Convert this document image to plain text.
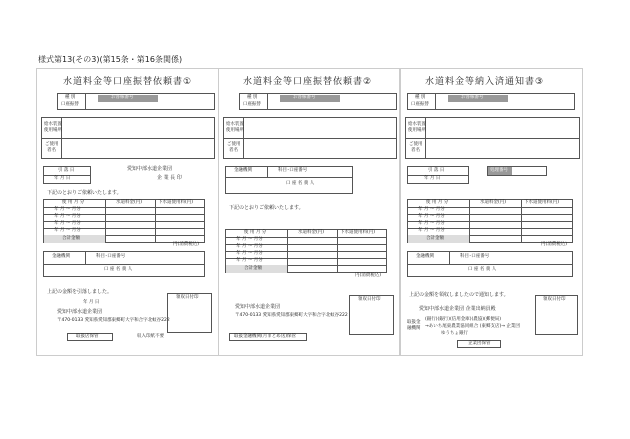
様式第13(その3)(第15条・第16条関係)
水道料金等口座振替依頼書①
種 別
口座振替
お客様番号
給水装置
使用場所
ご使用
者名
引 落 日
年 月 日
愛知中部水道企業団
企 業 長 印
下記のとおりご依頼いたします。
使 用 月 分	水道料金(円)	下水道使用料(円)
年 月 ～ 月分
年 月 ～ 月分
年 月 ～ 月分
年 月 ～ 月分
合計金額
円(消費税込)
金融機関	科目･口座番号
口 座 名 義 人
上記の金額を引落しました。
年 月 日
愛知中部水道企業団
〒470-0133 愛知県愛知郡東郷町大字和合字北蚊谷222
領収日付印
取扱店保管	収入印紙不要
水道料金等口座振替依頼書②
種 別
口座振替
お客様番号
給水装置
使用場所
ご使用
者名
金融機関	科目･口座番号
口 座 名 義 人
下記のとおりご依頼いたします。
使 用 月 分	水道料金(円)	下水道使用料(円)
年 月 ～ 月分
年 月 ～ 月分
年 月 ～ 月分
年 月 ～ 月分
合計金額
円(消費税込)
愛知中部水道企業団
〒470-0133 愛知県愛知郡東郷町大字和合字北蚊谷222
領収日付印
取扱金融機関(月まとめ送)保管
水道料金等納入済通知書③
種 別
口座振替
お客様番号
給水装置
使用場所
ご使用
者名
引 落 日
年 月 日
処理番号
使 用 月 分	水道料金(円)	下水道使用料(円)
年 月 ～ 月分
年 月 ～ 月分
年 月 ～ 月分
年 月 ～ 月分
合計金額
円(消費税込)
金融機関	科目･口座番号
口 座 名 義 人
上記の金額を領収しましたので通知します。
愛知中部水道企業団 企業出納員殿
取扱金
融機関
(銀行)(銀行)(信用金庫)(農協)(郵便局)
→あいち尾東農業協同組合 (東郷支店)→ 企業団
ゆうちょ銀行
領収日付印
企業団保管
